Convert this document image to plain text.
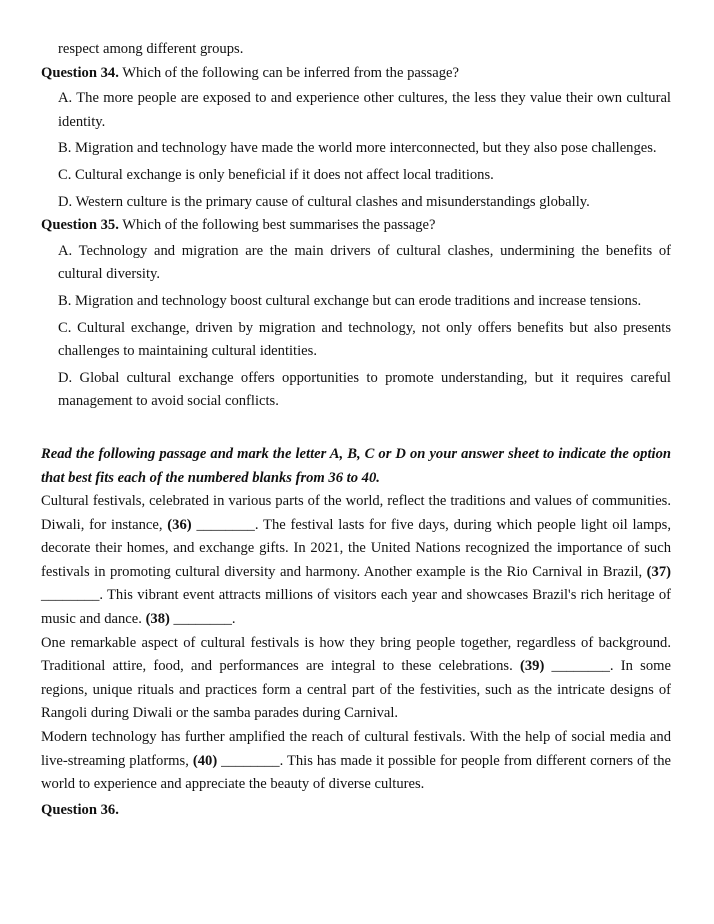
respect among different groups.

Question 34. Which of the following can be inferred from the passage?

A. The more people are exposed to and experience other cultures, the less they value their own cultural identity.

B. Migration and technology have made the world more interconnected, but they also pose challenges.

C. Cultural exchange is only beneficial if it does not affect local traditions.

D. Western culture is the primary cause of cultural clashes and misunderstandings globally.

Question 35. Which of the following best summarises the passage?

A. Technology and migration are the main drivers of cultural clashes, undermining the benefits of cultural diversity.

B. Migration and technology boost cultural exchange but can erode traditions and increase tensions.

C. Cultural exchange, driven by migration and technology, not only offers benefits but also presents challenges to maintaining cultural identities.

D. Global cultural exchange offers opportunities to promote understanding, but it requires careful management to avoid social conflicts.

Read the following passage and mark the letter A, B, C or D on your answer sheet to indicate the option that best fits each of the numbered blanks from 36 to 40.

Cultural festivals, celebrated in various parts of the world, reflect the traditions and values of communities. Diwali, for instance, (36) ________. The festival lasts for five days, during which people light oil lamps, decorate their homes, and exchange gifts. In 2021, the United Nations recognized the importance of such festivals in promoting cultural diversity and harmony. Another example is the Rio Carnival in Brazil, (37) ________. This vibrant event attracts millions of visitors each year and showcases Brazil's rich heritage of music and dance. (38) ________.

One remarkable aspect of cultural festivals is how they bring people together, regardless of background. Traditional attire, food, and performances are integral to these celebrations. (39) ________. In some regions, unique rituals and practices form a central part of the festivities, such as the intricate designs of Rangoli during Diwali or the samba parades during Carnival.

Modern technology has further amplified the reach of cultural festivals. With the help of social media and live-streaming platforms, (40) ________. This has made it possible for people from different corners of the world to experience and appreciate the beauty of diverse cultures.

Question 36.
